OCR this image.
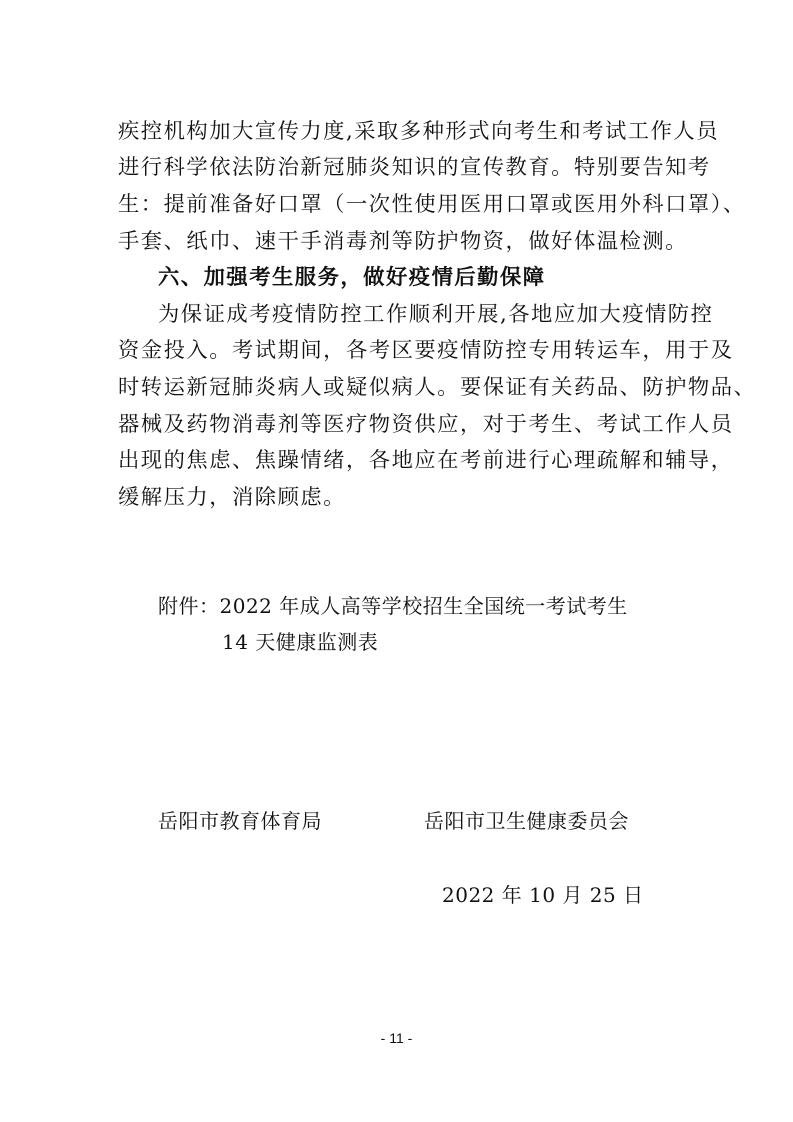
疾控机构加大宣传力度,采取多种形式向考生和考试工作人员
进行科学依法防治新冠肺炎知识的宣传教育。特别要告知考
生：提前准备好口罩（一次性使用医用口罩或医用外科口罩）、
手套、纸巾、速干手消毒剂等防护物资，做好体温检测。
六、加强考生服务，做好疫情后勤保障
为保证成考疫情防控工作顺利开展,各地应加大疫情防控
资金投入。考试期间，各考区要疫情防控专用转运车，用于及
时转运新冠肺炎病人或疑似病人。要保证有关药品、防护物品、
器械及药物消毒剂等医疗物资供应，对于考生、考试工作人员
出现的焦虑、焦躁情绪，各地应在考前进行心理疏解和辅导，
缓解压力，消除顾虑。
附件：2022 年成人高等学校招生全国统一考试考生
14 天健康监测表
岳阳市教育体育局	岳阳市卫生健康委员会
2022 年 10 月 25 日
- 11 -
